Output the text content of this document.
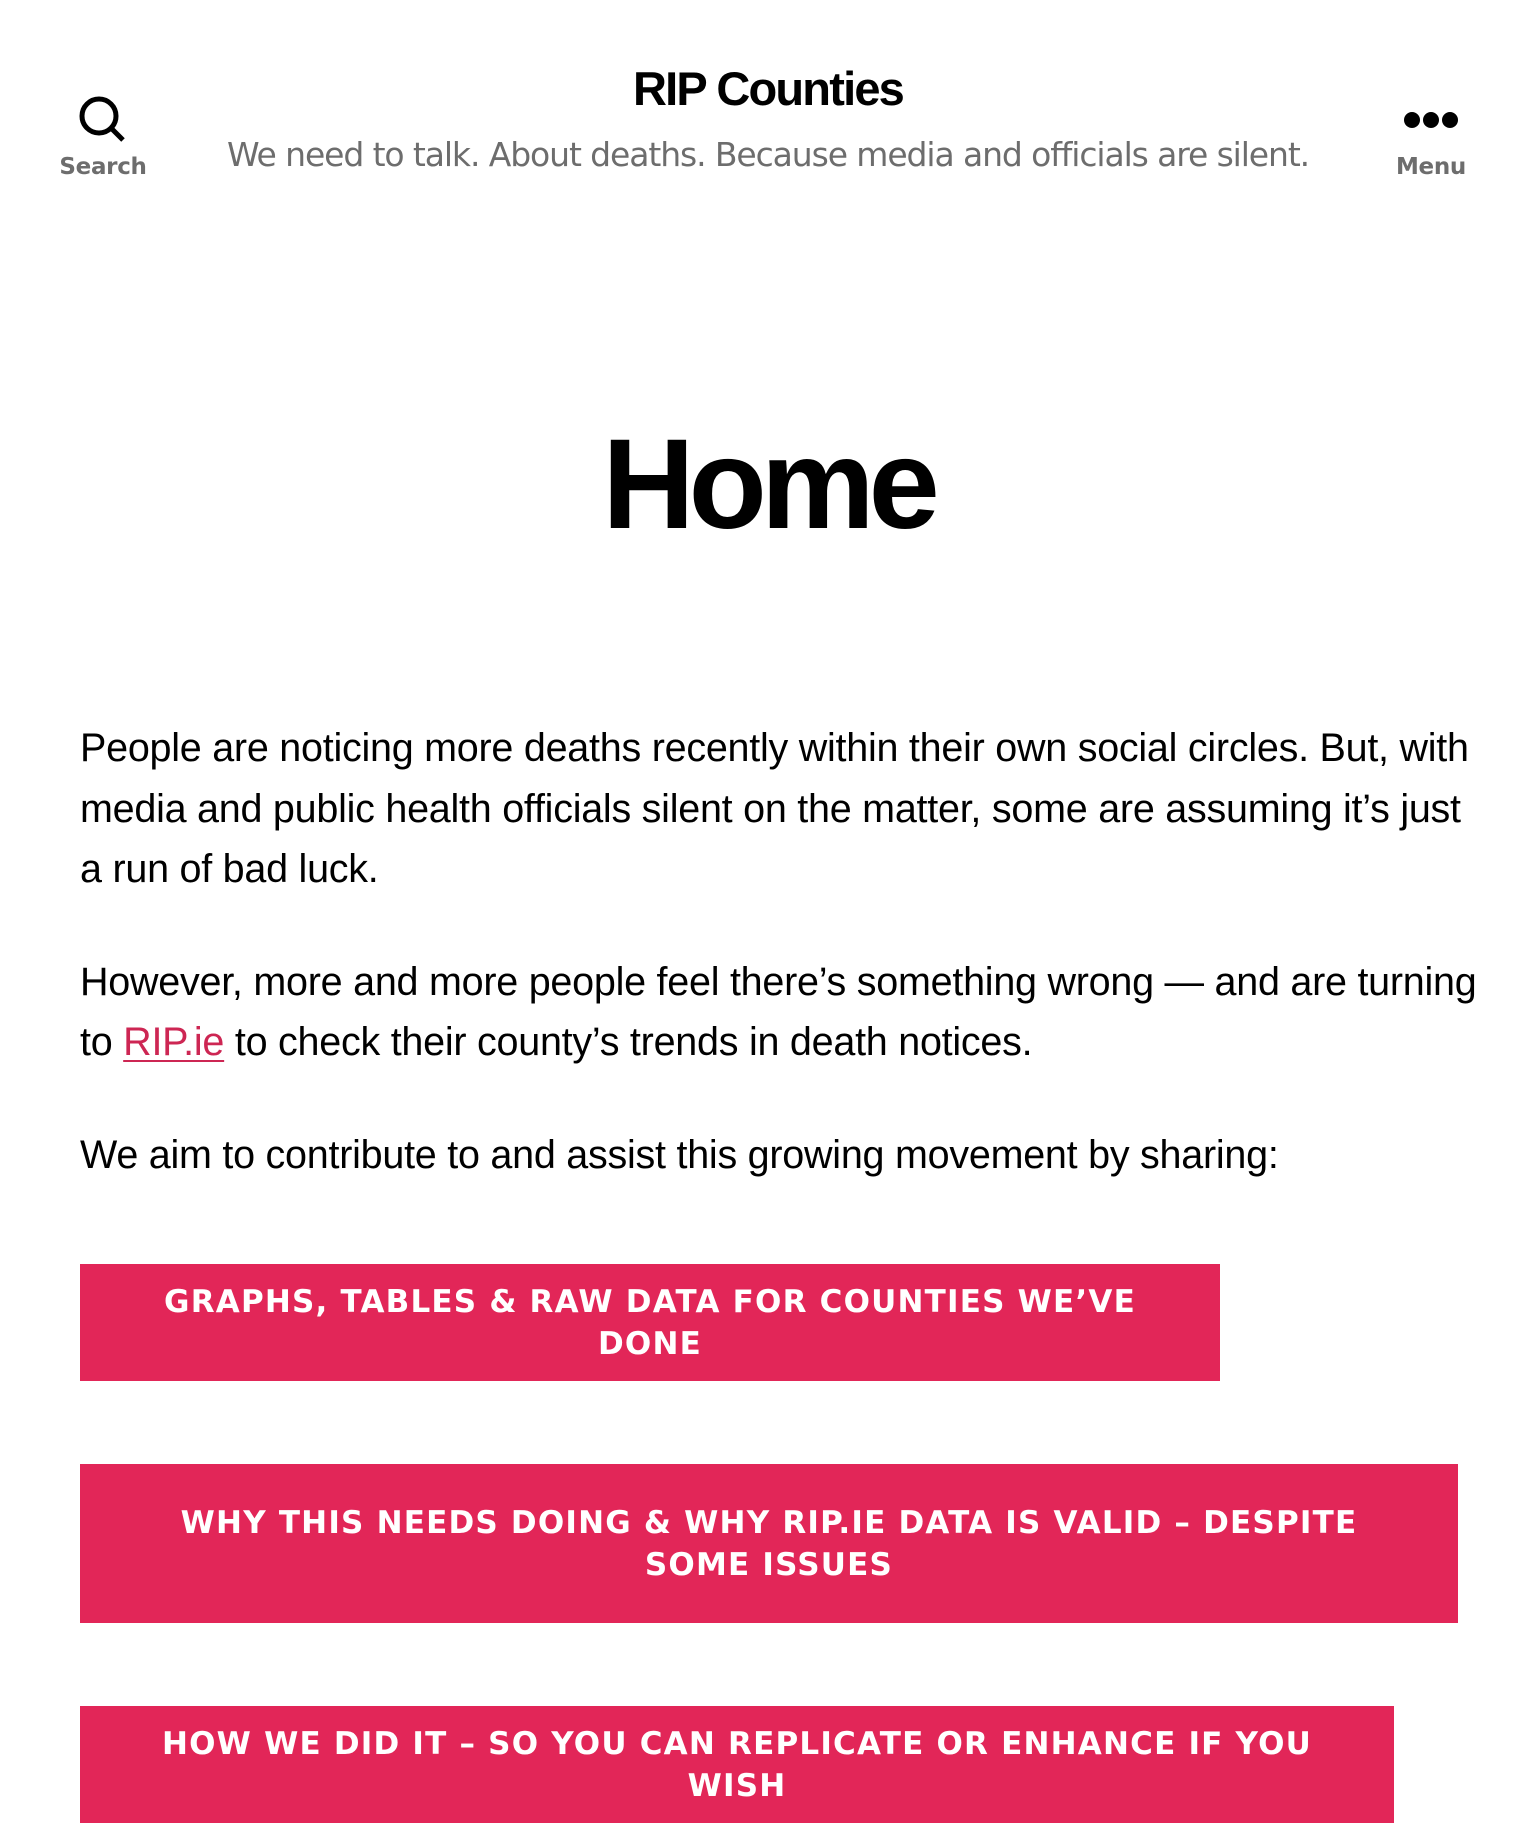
Search
RIP Counties
We need to talk. About deaths. Because media and officials are silent.	Menu
Home

People are noticing more deaths recently within their own social circles. But, with media and public health officials silent on the matter, some are assuming it’s just a run of bad luck.

However, more and more people feel there’s something wrong — and are turning to RIP.ie to check their county’s trends in death notices.

We aim to contribute to and assist this growing movement by sharing:

GRAPHS, TABLES & RAW DATA FOR COUNTIES WE’VE DONE
WHY THIS NEEDS DOING & WHY RIP.IE DATA IS VALID – DESPITE SOME ISSUES
HOW WE DID IT – SO YOU CAN REPLICATE OR ENHANCE IF YOU WISH
